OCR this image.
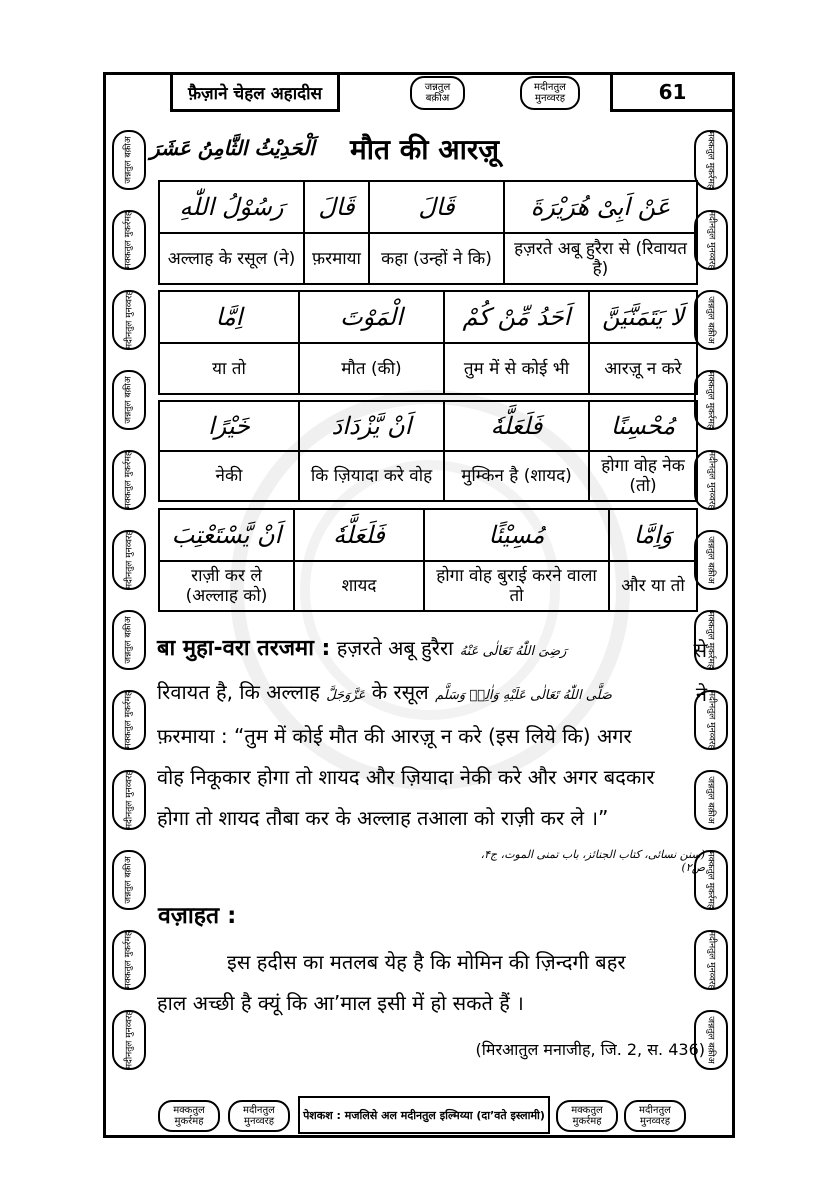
फ़ैज़ाने चेहल अहादीस	जन्नतुल
बक़ीअ
मदीनतुल
मुनव्वरह	61
जन्नतुल बक़ीअ
मक्कतुल मुकर्रमह
मदीनतुल मुनव्वरह
जन्नतुल बक़ीअ
मक्कतुल मुकर्रमह
मदीनतुल मुनव्वरह
जन्नतुल बक़ीअ
मक्कतुल मुकर्रमह
मदीनतुल मुनव्वरह
जन्नतुल बक़ीअ
मक्कतुल मुकर्रमह
मदीनतुल मुनव्वरह
मक्कतुल मुकर्रमह
मदीनतुल मुनव्वरह
जन्नतुल बक़ीअ
मक्कतुल मुकर्रमह
मदीनतुल मुनव्वरह
जन्नतुल बक़ीअ
मक्कतुल मुकर्रमह
मदीनतुल मुनव्वरह
जन्नतुल बक़ीअ
मक्कतुल मुकर्रमह
मदीनतुल मुनव्वरह
जन्नतुल बक़ीअ
اَلْحَدِیْثُ الثَّامِنُ عَشَرَ मौत की आरज़ू
رَسُوْلُ اللّٰهِ	قَالَ	قَالَ	عَنْ اَبِیْ هُرَیْرَةَ
अल्लाह के रसूल (ने)	फ़रमाया	कहा (उन्हों ने कि)	हज़रते अबू हुरैरा से (रिवायत है)
اِمَّا	الْمَوْتَ	اَحَدُ مِّنْ كُمْ	لَا یَتَمَنَّیَنَّ
या तो	मौत (की)	तुम में से कोई भी	आरज़ू न करे
خَیْرًا	اَنْ یَّزْدَادَ	فَلَعَلَّهٗ	مُحْسِنًا
नेकी	कि ज़ियादा करे वोह	मुम्किन है (शायद)	होगा वोह नेक (तो)
اَنْ یَّسْتَعْتِبَ	فَلَعَلَّهٗ	مُسِیْئًا	وَاِمَّا
राज़ी कर ले (अल्लाह को)	शायद	होगा वोह बुराई करने वाला तो	और या तो
बा मुहा-वरा तरजमा : हज़रते अबू हुरैरा رَضِیَ اللّٰهُ تَعَالٰی عَنْهُ	से
रिवायत है, कि अल्लाह عَزَّوَجَلَّ के रसूल صَلَّی اللّٰهُ تَعَالٰی عَلَیْهِ وَاٰلِهٖ وَسَلَّم	ने
फ़रमाया : “तुम में कोई मौत की आरज़ू न करे (इस लिये कि) अगर
वोह निकूकार होगा तो शायद और ज़ियादा नेकी करे और अगर बदकार
होगा तो शायद तौबा कर के अल्लाह तआला को राज़ी कर ले ।”
(سنن نسائی، کتاب الجنائز، باب تمنی الموت، ج۴، ص۲)
वज़ाहत :
इस हदीस का मतलब येह है कि मोमिन की ज़िन्दगी बहर
हाल अच्छी है क्यूं कि आ’माल इसी में हो सकते हैं ।
(मिरआतुल मनाजीह, जि. 2, स. 436)
मक्कतुल
मुकर्रमह
मदीनतुल
मुनव्वरह	पेशकश : मजलिसे अल मदीनतुल इल्मिय्या (दा’वते इस्लामी)	मक्कतुल
मुकर्रमह
मदीनतुल
मुनव्वरह
